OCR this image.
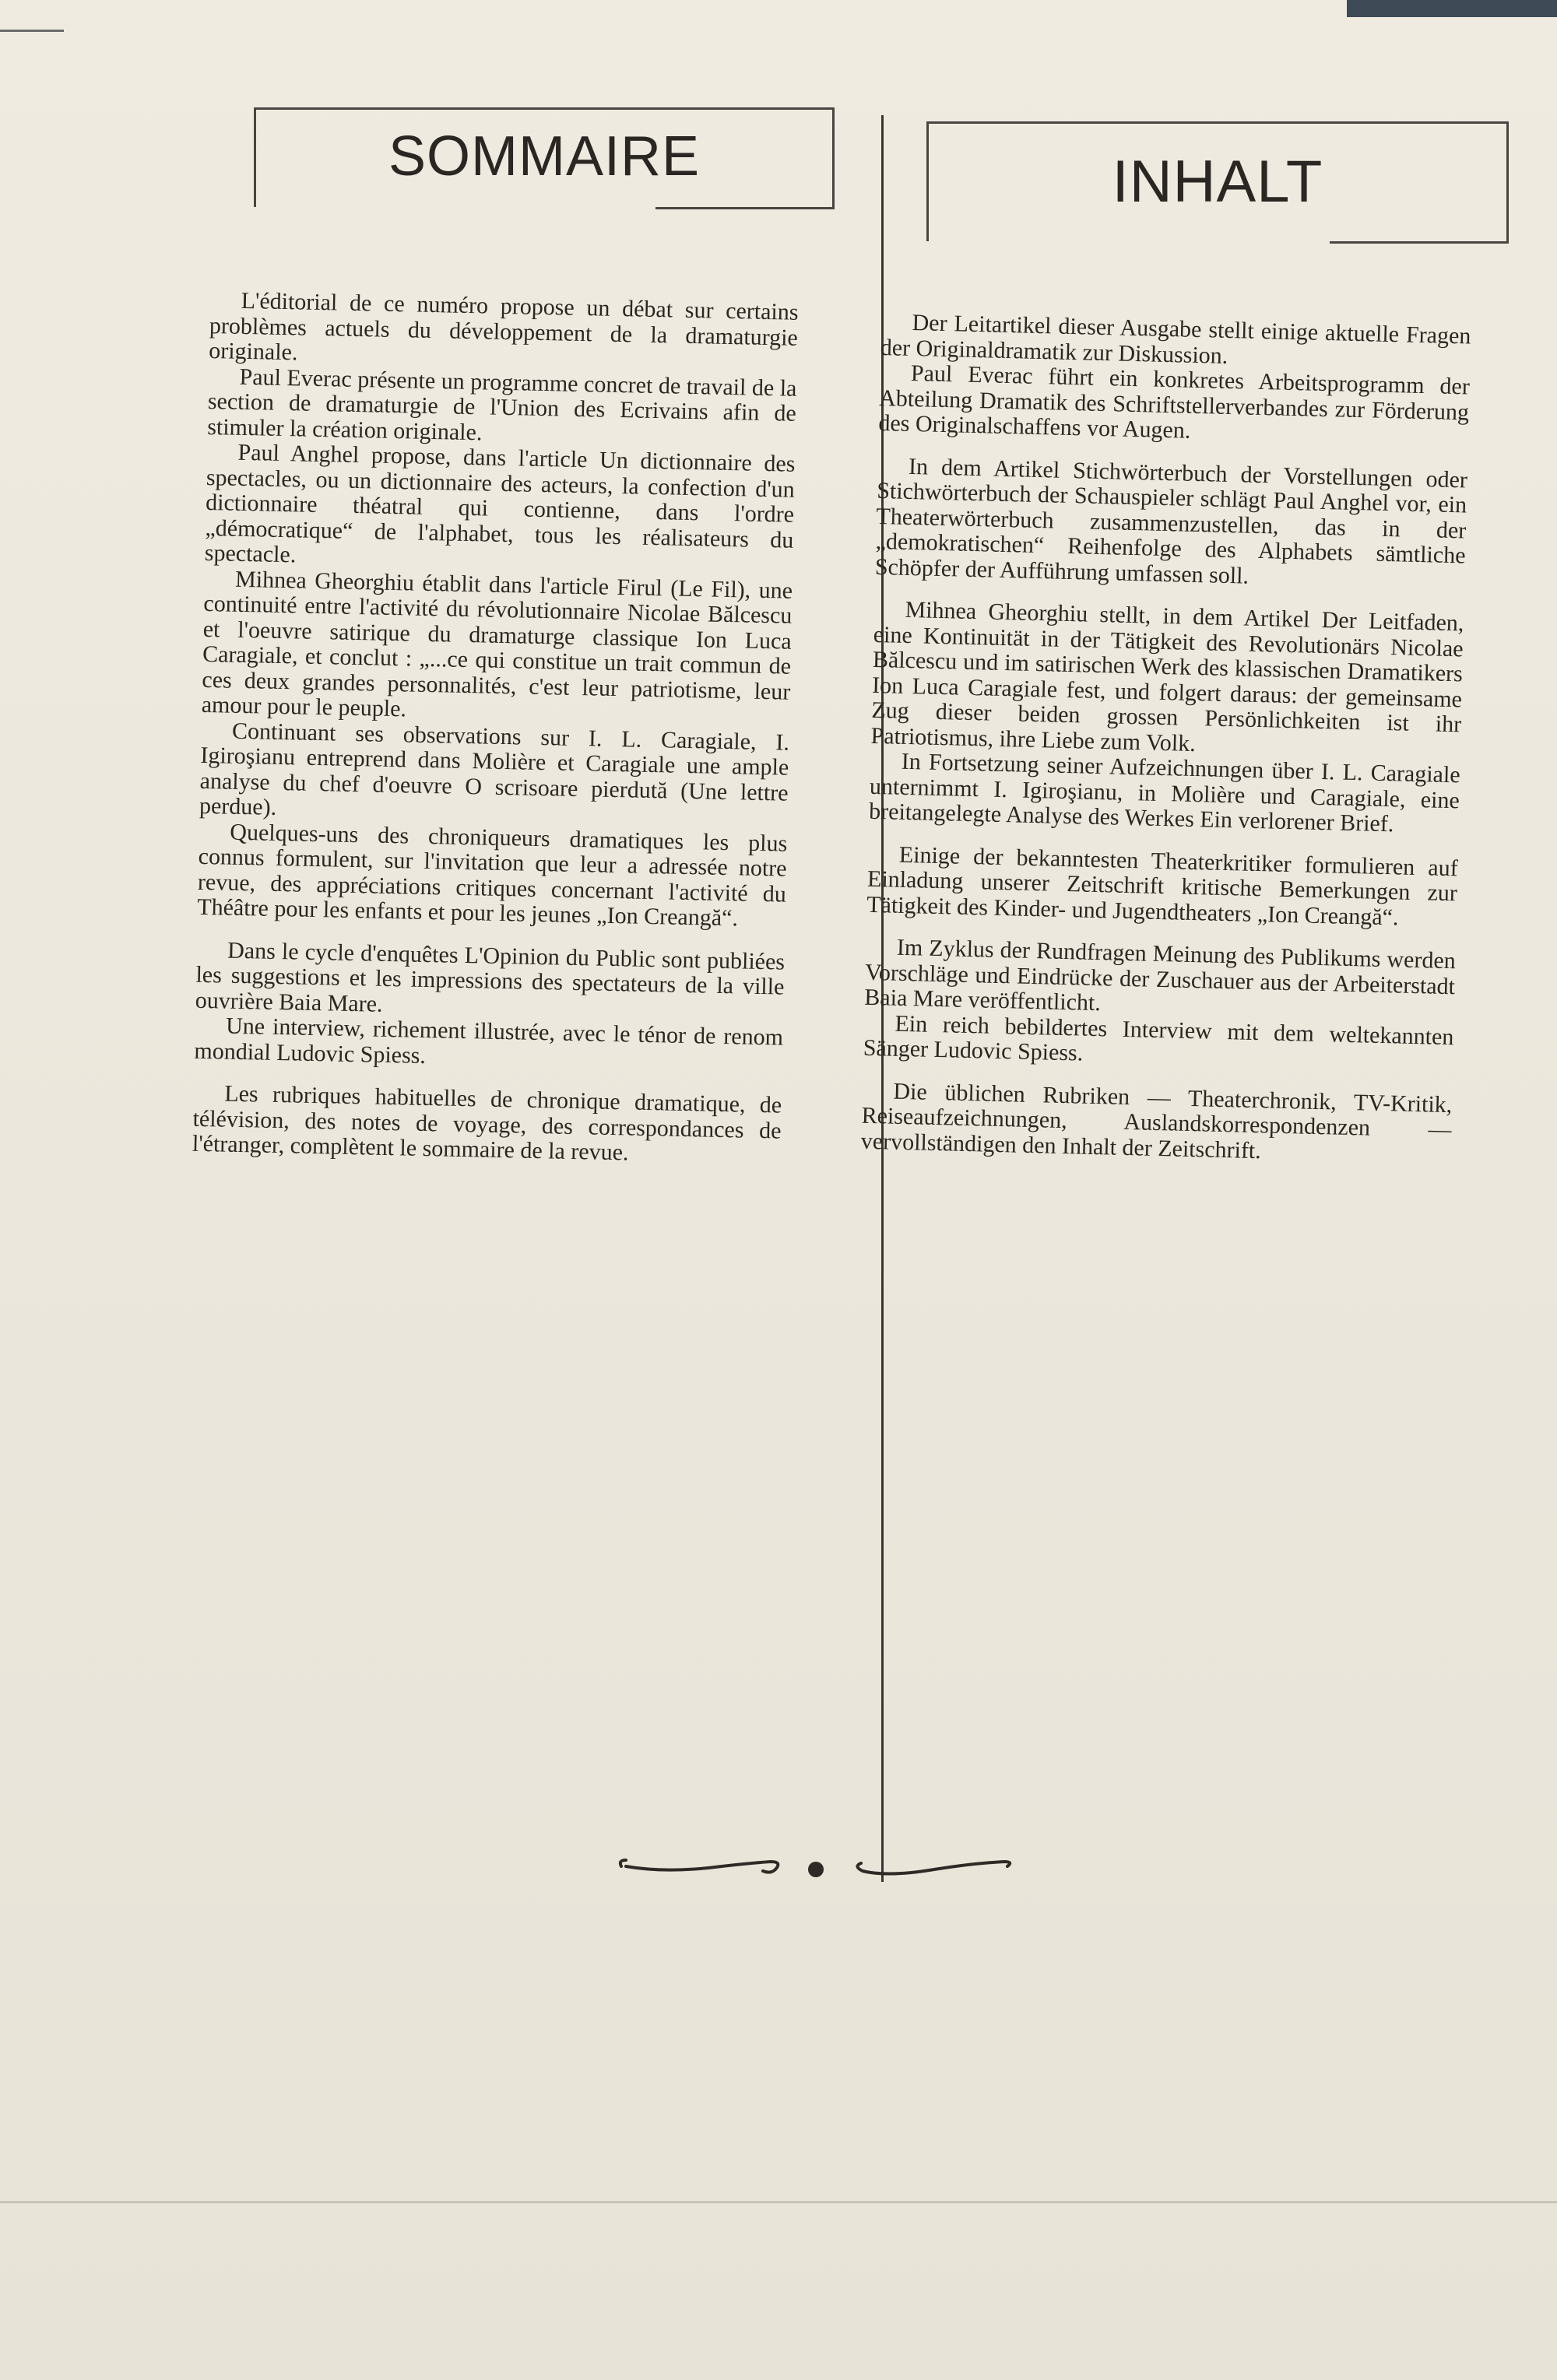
SOMMAIRE	INHALT

L'éditorial de ce numéro propose un débat sur certains problèmes actuels du développement de la dramaturgie originale.

Paul Everac présente un programme concret de travail de la section de dramaturgie de l'Union des Ecrivains afin de stimuler la création originale.

Paul Anghel propose, dans l'article Un dictionnaire des spectacles, ou un dictionnaire des acteurs, la confection d'un dictionnaire théatral qui contienne, dans l'ordre „démocratique“ de l'alphabet, tous les réalisateurs du spectacle.

Mihnea Gheorghiu établit dans l'article Firul (Le Fil), une continuité entre l'activité du révolutionnaire Nicolae Bălcescu et l'oeuvre satirique du dramaturge classique Ion Luca Caragiale, et conclut : „...ce qui constitue un trait commun de ces deux grandes personnalités, c'est leur patriotisme, leur amour pour le peuple.

Continuant ses observations sur I. L. Caragiale, I. Igiroşianu entreprend dans Molière et Caragiale une ample analyse du chef d'oeuvre O scrisoare pierdută (Une lettre perdue).

Quelques-uns des chroniqueurs dramatiques les plus connus formulent, sur l'invitation que leur a adressée notre revue, des appréciations critiques concernant l'activité du Théâtre pour les enfants et pour les jeunes „Ion Creangă“.

Dans le cycle d'enquêtes L'Opinion du Public sont publiées les suggestions et les impressions des spectateurs de la ville ouvrière Baia Mare.

Une interview, richement illustrée, avec le ténor de renom mondial Ludovic Spiess.

Les rubriques habituelles de chronique dramatique, de télévision, des notes de voyage, des correspondances de l'étranger, complètent le sommaire de la revue.

Der Leitartikel dieser Ausgabe stellt einige aktuelle Fragen der Originaldramatik zur Diskussion.

Paul Everac führt ein konkretes Arbeitsprogramm der Abteilung Dramatik des Schriftstellerverbandes zur Förderung des Originalschaffens vor Augen.

In dem Artikel Stichwörterbuch der Vorstellungen oder Stichwörterbuch der Schauspieler schlägt Paul Anghel vor, ein Theaterwörterbuch zusammenzustellen, das in der „demokratischen“ Reihenfolge des Alphabets sämtliche Schöpfer der Aufführung umfassen soll.

Mihnea Gheorghiu stellt, in dem Artikel Der Leitfaden, eine Kontinuität in der Tätigkeit des Revolutionärs Nicolae Bălcescu und im satirischen Werk des klassischen Dramatikers Ion Luca Caragiale fest, und folgert daraus: der gemeinsame Zug dieser beiden grossen Persönlichkeiten ist ihr Patriotismus, ihre Liebe zum Volk.

In Fortsetzung seiner Aufzeichnungen über I. L. Caragiale unternimmt I. Igiroşianu, in Molière und Caragiale, eine breitangelegte Analyse des Werkes Ein verlorener Brief.

Einige der bekanntesten Theaterkritiker formulieren auf Einladung unserer Zeitschrift kritische Bemerkungen zur Tätigkeit des Kinder- und Jugendtheaters „Ion Creangă“.

Im Zyklus der Rundfragen Meinung des Publikums werden Vorschläge und Eindrücke der Zuschauer aus der Arbeiterstadt Baia Mare veröffentlicht.

Ein reich bebildertes Interview mit dem weltekannten Sänger Ludovic Spiess.

Die üblichen Rubriken — Theaterchronik, TV-Kritik, Reiseaufzeichnungen, Auslandskorrespondenzen — vervollständigen den Inhalt der Zeitschrift.
